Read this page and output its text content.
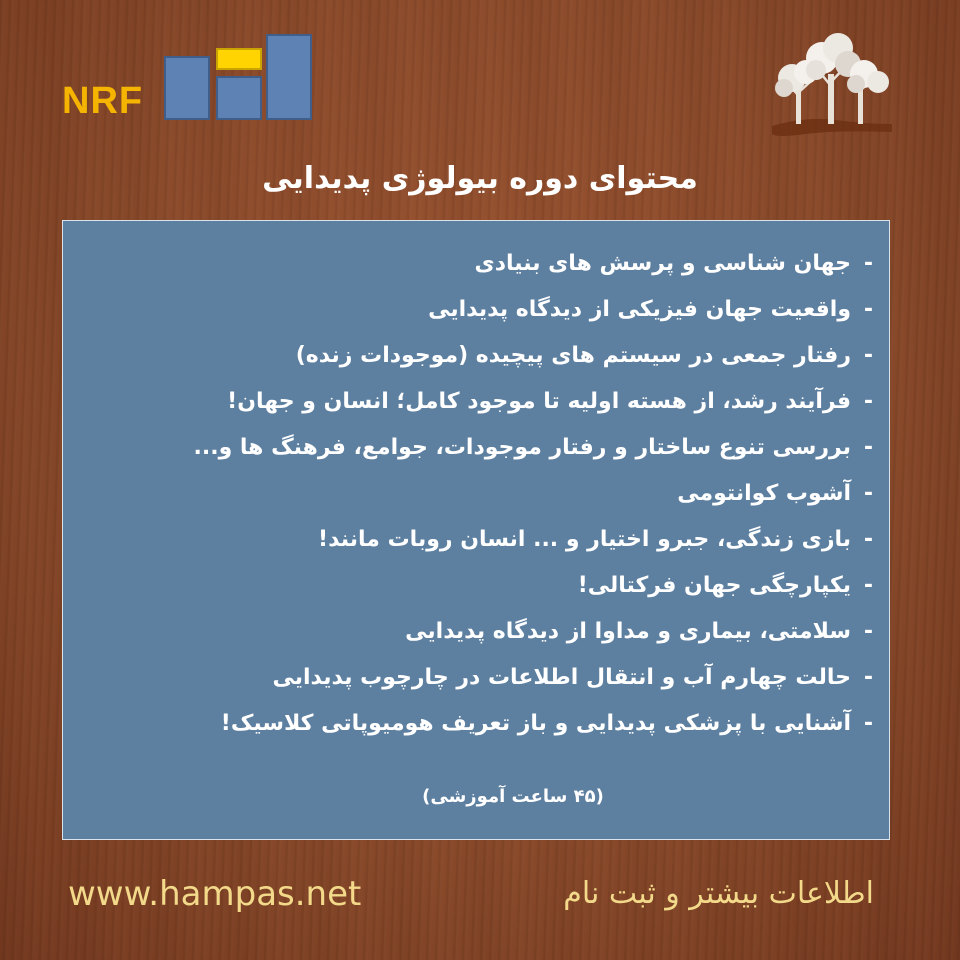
NRF
محتوای دوره بیولوژی پدیدایی
-جهان شناسی و پرسش های بنیادی
-واقعیت جهان فیزیکی از دیدگاه پدیدایی
-رفتار جمعی در سیستم های پیچیده (موجودات زنده)
-فرآیند رشد، از هسته اولیه تا موجود کامل؛ انسان و جهان!
-بررسی تنوع ساختار و رفتار موجودات، جوامع، فرهنگ ها و...
-آشوب کوانتومی
-بازی زندگی، جبرو اختیار و ... انسان روبات مانند!
-یکپارچگی جهان فرکتالی!
-سلامتی، بیماری و مداوا از دیدگاه پدیدایی
-حالت چهارم آب و انتقال اطلاعات در چارچوب پدیدایی
-آشنایی با پزشکی پدیدایی و باز تعریف هومیوپاتی کلاسیک!
(۴۵ ساعت آموزشی)
www.hampas.net	اطلاعات بیشتر و ثبت نام
